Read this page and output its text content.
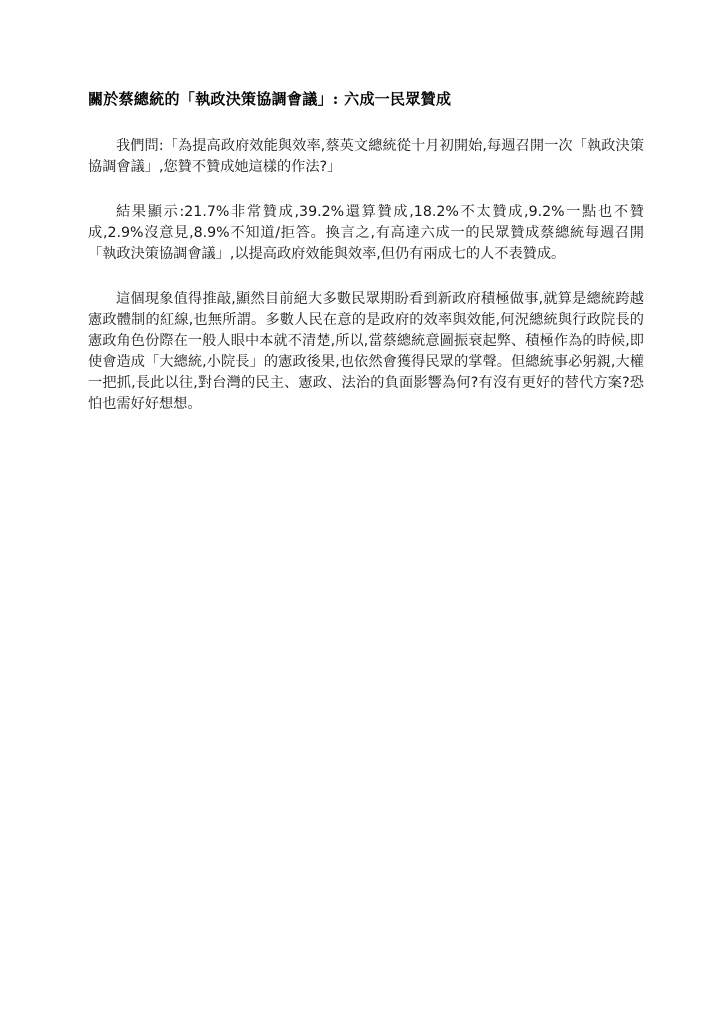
關於蔡總統的「執政決策協調會議」: 六成一民眾贊成

我們問:「為提高政府效能與效率,蔡英文總統從十月初開始,每週召開一次「執政決策協調會議」,您贊不贊成她這樣的作法?」

結果顯示:21.7%非常贊成,39.2%還算贊成,18.2%不太贊成,9.2%一點也不贊成,2.9%沒意見,8.9%不知道/拒答。換言之,有高達六成一的民眾贊成蔡總統每週召開「執政決策協調會議」,以提高政府效能與效率,但仍有兩成七的人不表贊成。

這個現象值得推敲,顯然目前絕大多數民眾期盼看到新政府積極做事,就算是總統跨越憲政體制的紅線,也無所謂。多數人民在意的是政府的效率與效能,何況總統與行政院長的憲政角色份際在一般人眼中本就不清楚,所以,當蔡總統意圖振衰起弊、積極作為的時候,即使會造成「大總統,小院長」的憲政後果,也依然會獲得民眾的掌聲。但總統事必躬親,大權一把抓,長此以往,對台灣的民主、憲政、法治的負面影響為何?有沒有更好的替代方案?恐怕也需好好想想。
